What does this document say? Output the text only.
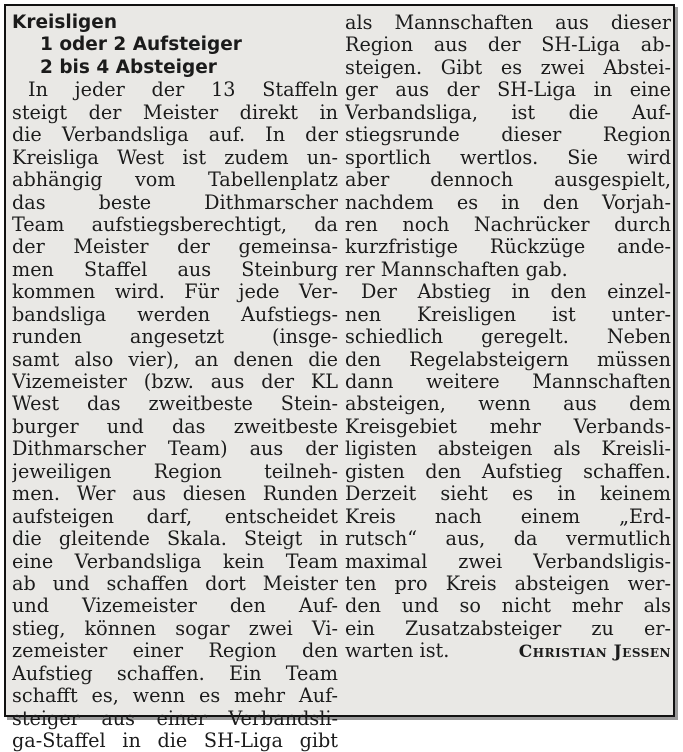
Kreisligen
1 oder 2 Aufsteiger
2 bis 4 Absteiger
In jeder der 13 Staffeln
steigt der Meister direkt in
die Verbandsliga auf. In der
Kreisliga West ist zudem un-
abhängig vom Tabellenplatz
das beste Dithmarscher
Team aufstiegsberechtigt, da
der Meister der gemeinsa-
men Staffel aus Steinburg
kommen wird. Für jede Ver-
bandsliga werden Aufstiegs-
runden angesetzt (insge-
samt also vier), an denen die
Vizemeister (bzw. aus der KL
West das zweitbeste Stein-
burger und das zweitbeste
Dithmarscher Team) aus der
jeweiligen Region teilneh-
men. Wer aus diesen Runden
aufsteigen darf, entscheidet
die gleitende Skala. Steigt in
eine Verbandsliga kein Team
ab und schaffen dort Meister
und Vizemeister den Auf-
stieg, können sogar zwei Vi-
zemeister einer Region den
Aufstieg schaffen. Ein Team
schafft es, wenn es mehr Auf-
steiger aus einer Verbandsli-
ga-Staffel in die SH-Liga gibt
als Mannschaften aus dieser
Region aus der SH-Liga ab-
steigen. Gibt es zwei Abstei-
ger aus der SH-Liga in eine
Verbandsliga, ist die Auf-
stiegsrunde dieser Region
sportlich wertlos. Sie wird
aber dennoch ausgespielt,
nachdem es in den Vorjah-
ren noch Nachrücker durch
kurzfristige Rückzüge ande-
rer Mannschaften gab.
Der Abstieg in den einzel-
nen Kreisligen ist unter-
schiedlich geregelt. Neben
den Regelabsteigern müssen
dann weitere Mannschaften
absteigen, wenn aus dem
Kreisgebiet mehr Verbands-
ligisten absteigen als Kreisli-
gisten den Aufstieg schaffen.
Derzeit sieht es in keinem
Kreis nach einem „Erd-
rutsch“ aus, da vermutlich
maximal zwei Verbandsligis-
ten pro Kreis absteigen wer-
den und so nicht mehr als
ein Zusatzabsteiger zu er-
warten ist.	Christian Jessen
